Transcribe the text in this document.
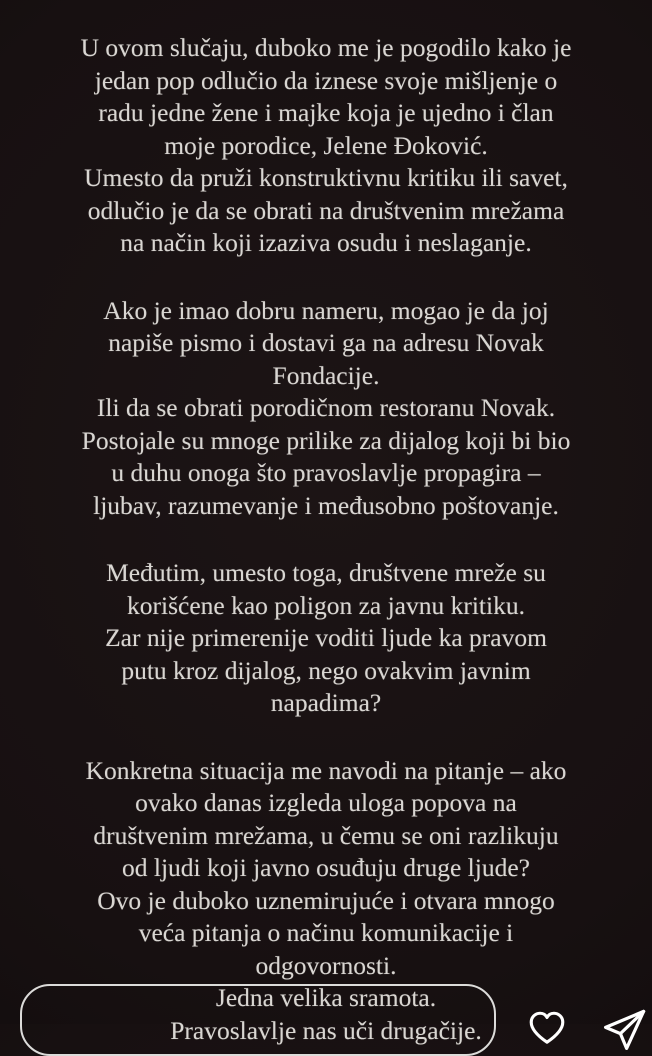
U ovom slučaju, duboko me je pogodilo kako je
jedan pop odlučio da iznese svoje mišljenje o
radu jedne žene i majke koja je ujedno i član
moje porodice, Jelene Đoković.
Umesto da pruži konstruktivnu kritiku ili savet,
odlučio je da se obrati na društvenim mrežama
na način koji izaziva osudu i neslaganje.
Ako je imao dobru nameru, mogao je da joj
napiše pismo i dostavi ga na adresu Novak
Fondacije.
Ili da se obrati porodičnom restoranu Novak.
Postojale su mnoge prilike za dijalog koji bi bio
u duhu onoga što pravoslavlje propagira –
ljubav, razumevanje i međusobno poštovanje.
Međutim, umesto toga, društvene mreže su
korišćene kao poligon za javnu kritiku.
Zar nije primerenije voditi ljude ka pravom
putu kroz dijalog, nego ovakvim javnim
napadima?
Konkretna situacija me navodi na pitanje – ako
ovako danas izgleda uloga popova na
društvenim mrežama, u čemu se oni razlikuju
od ljudi koji javno osuđuju druge ljude?
Ovo je duboko uznemirujuće i otvara mnogo
veća pitanja o načinu komunikacije i
odgovornosti.
Jedna velika sramota.
Pravoslavlje nas uči drugačije.
